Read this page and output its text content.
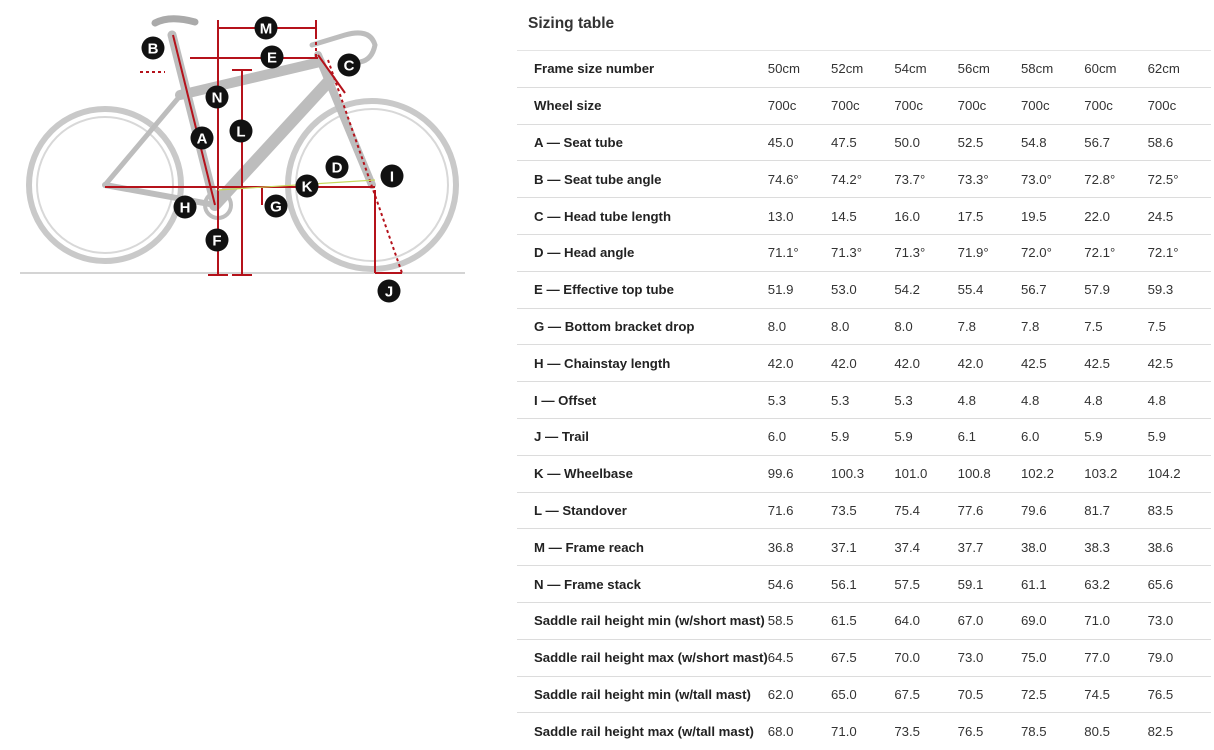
M
B
E	C
N
L
A
D
I
K
H	G
F
J
Sizing table
Frame size number	50cm	52cm	54cm	56cm	58cm	60cm	62cm
Wheel size	700c	700c	700c	700c	700c	700c	700c
A — Seat tube	45.0	47.5	50.0	52.5	54.8	56.7	58.6
B — Seat tube angle	74.6°	74.2°	73.7°	73.3°	73.0°	72.8°	72.5°
C — Head tube length	13.0	14.5	16.0	17.5	19.5	22.0	24.5
D — Head angle	71.1°	71.3°	71.3°	71.9°	72.0°	72.1°	72.1°
E — Effective top tube	51.9	53.0	54.2	55.4	56.7	57.9	59.3
G — Bottom bracket drop	8.0	8.0	8.0	7.8	7.8	7.5	7.5
H — Chainstay length	42.0	42.0	42.0	42.0	42.5	42.5	42.5
I — Offset	5.3	5.3	5.3	4.8	4.8	4.8	4.8
J — Trail	6.0	5.9	5.9	6.1	6.0	5.9	5.9
K — Wheelbase	99.6	100.3	101.0	100.8	102.2	103.2	104.2
L — Standover	71.6	73.5	75.4	77.6	79.6	81.7	83.5
M — Frame reach	36.8	37.1	37.4	37.7	38.0	38.3	38.6
N — Frame stack	54.6	56.1	57.5	59.1	61.1	63.2	65.6
Saddle rail height min (w/short mast)	58.5	61.5	64.0	67.0	69.0	71.0	73.0
Saddle rail height max (w/short mast)	64.5	67.5	70.0	73.0	75.0	77.0	79.0
Saddle rail height min (w/tall mast)	62.0	65.0	67.5	70.5	72.5	74.5	76.5
Saddle rail height max (w/tall mast)	68.0	71.0	73.5	76.5	78.5	80.5	82.5
